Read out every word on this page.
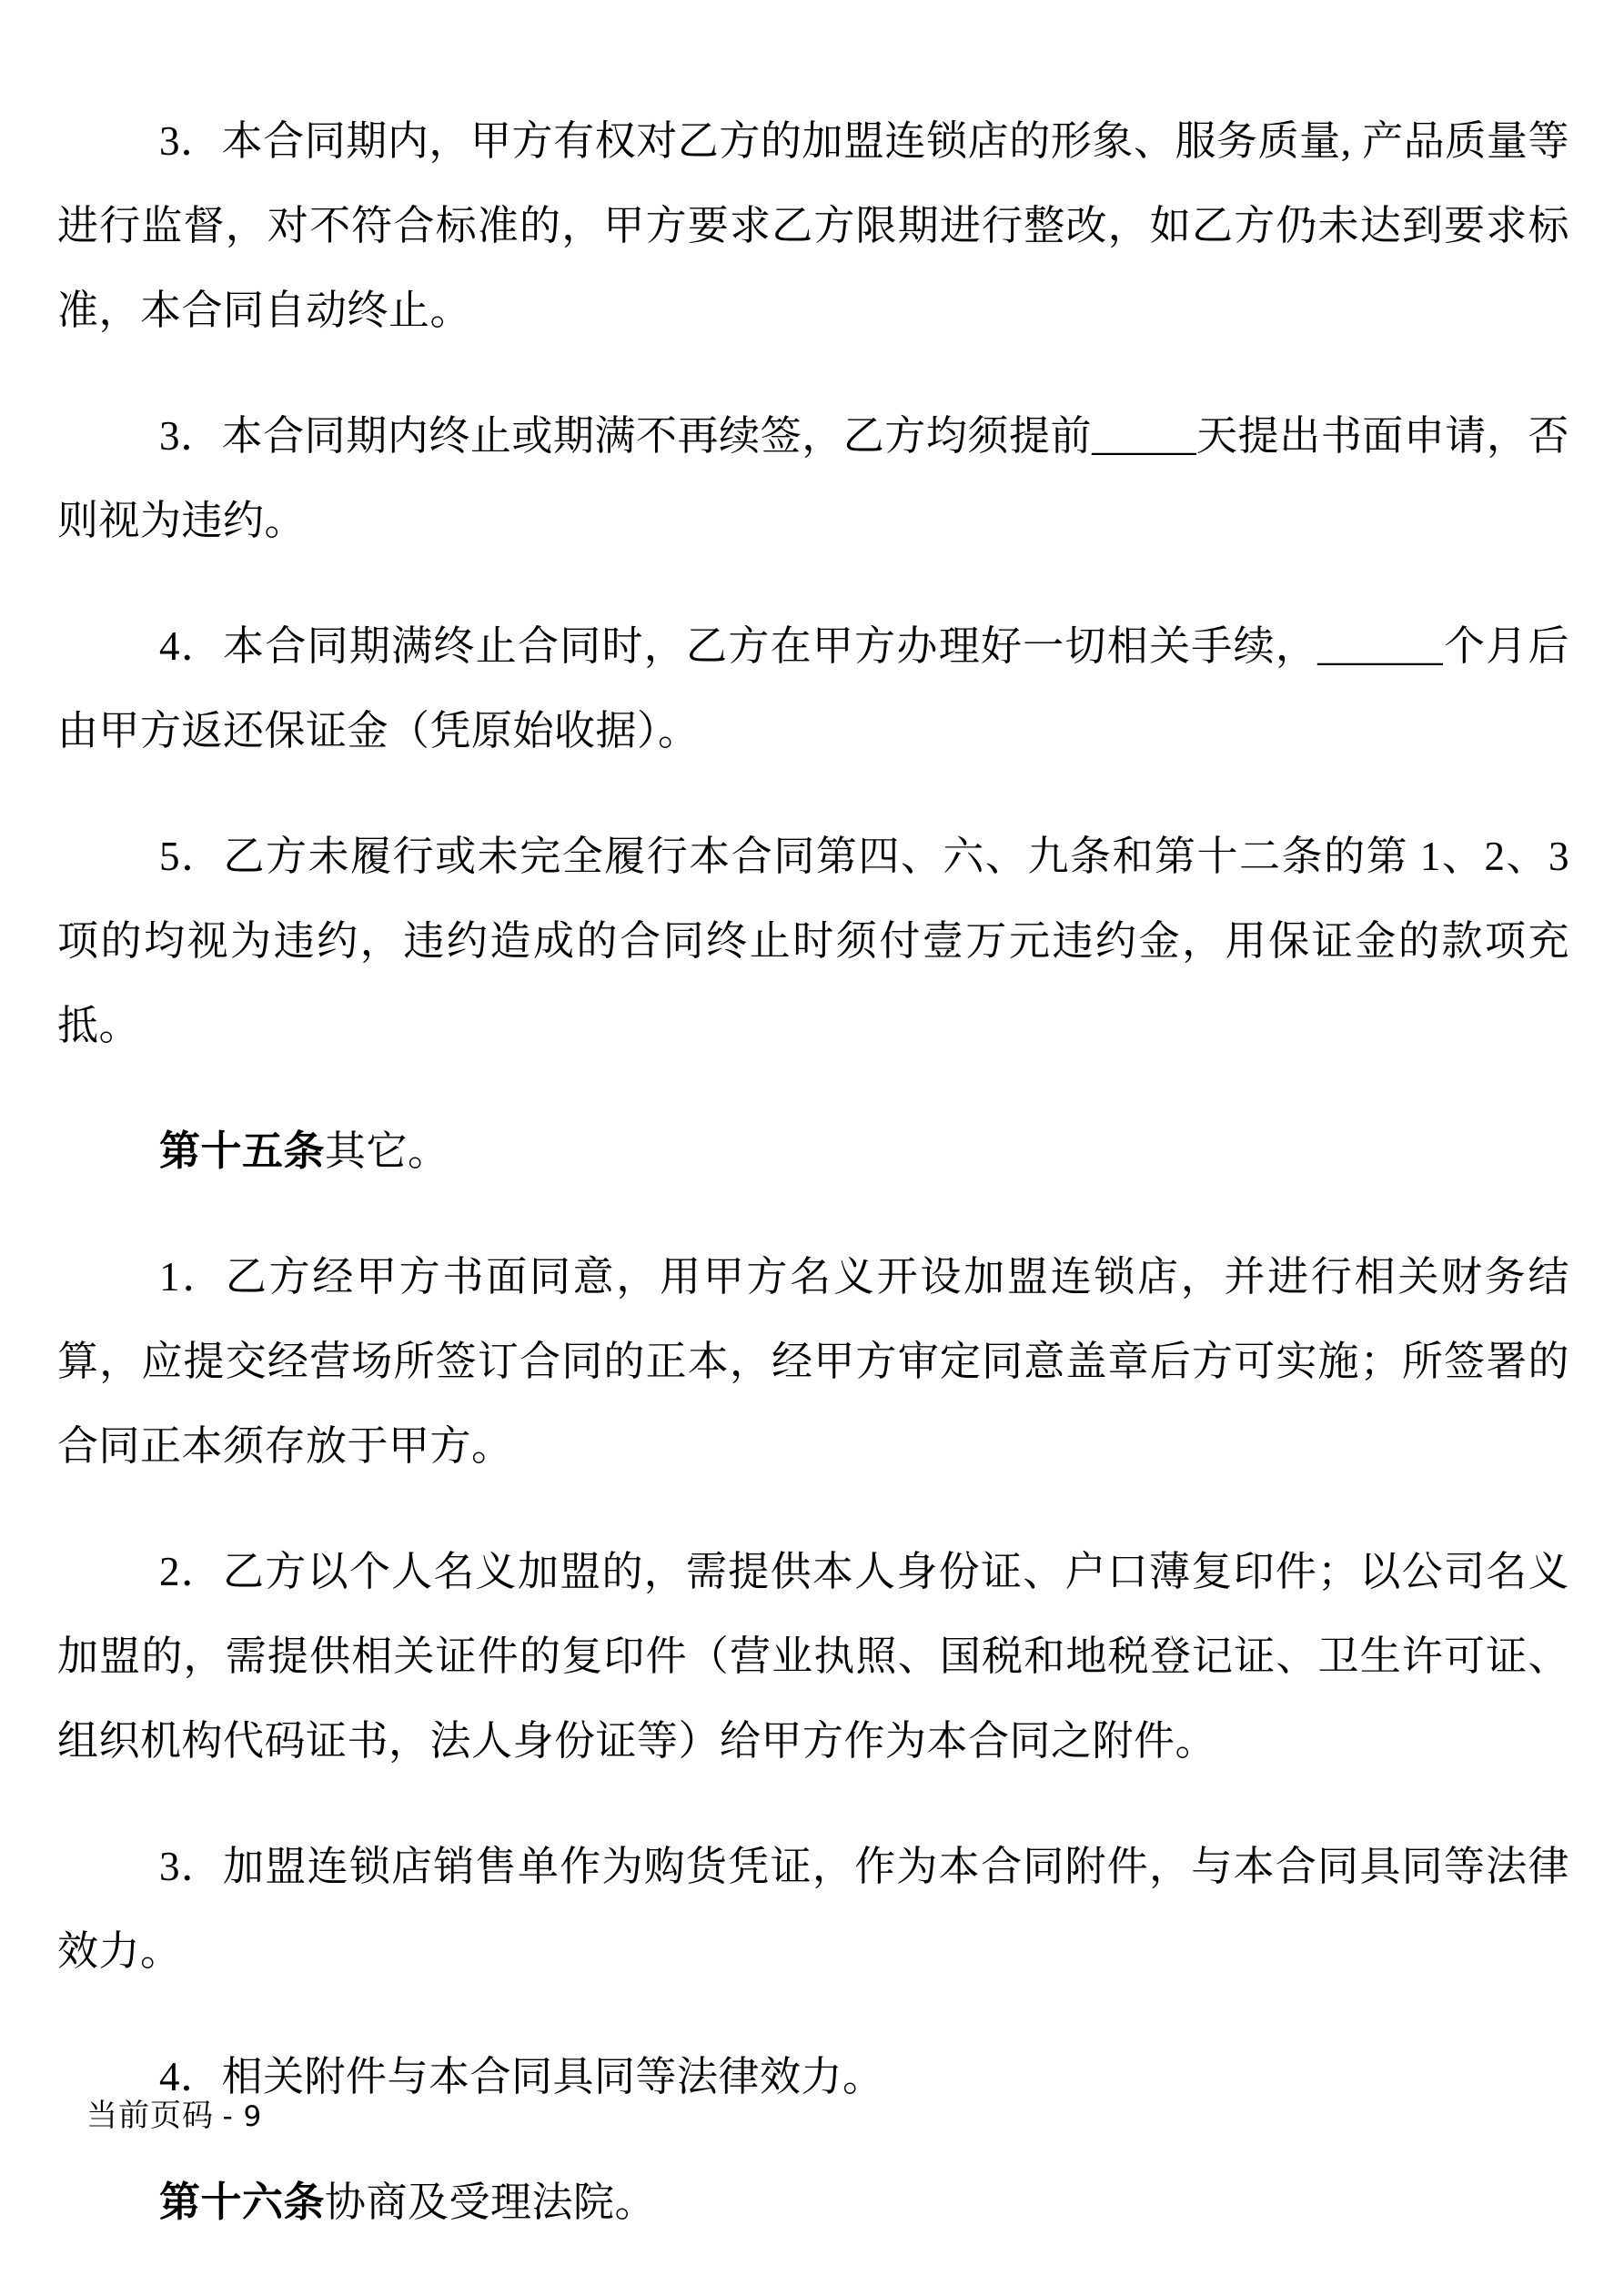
3．本合同期内，甲方有权对乙方的加盟连锁店的形象、服务质量, 产品质量等进行监督，对不符合标准的，甲方要求乙方限期进行整改，如乙方仍未达到要求标准，本合同自动终止。

3．本合同期内终止或期满不再续签，乙方均须提前_____天提出书面申请，否则视为违约。

4．本合同期满终止合同时，乙方在甲方办理好一切相关手续，______个月后由甲方返还保证金（凭原始收据）。

5．乙方未履行或未完全履行本合同第四、六、九条和第十二条的第 1、2、3 项的均视为违约，违约造成的合同终止时须付壹万元违约金，用保证金的款项充抵。

第十五条其它。

1．乙方经甲方书面同意，用甲方名义开设加盟连锁店，并进行相关财务结算，应提交经营场所签订合同的正本，经甲方审定同意盖章后方可实施；所签署的合同正本须存放于甲方。

2．乙方以个人名义加盟的，需提供本人身份证、户口薄复印件；以公司名义加盟的，需提供相关证件的复印件（营业执照、国税和地税登记证、卫生许可证、组织机构代码证书，法人身份证等）给甲方作为本合同之附件。

3．加盟连锁店销售单作为购货凭证，作为本合同附件，与本合同具同等法律效力。

4．相关附件与本合同具同等法律效力。

第十六条协商及受理法院。

当前页码 - 9
